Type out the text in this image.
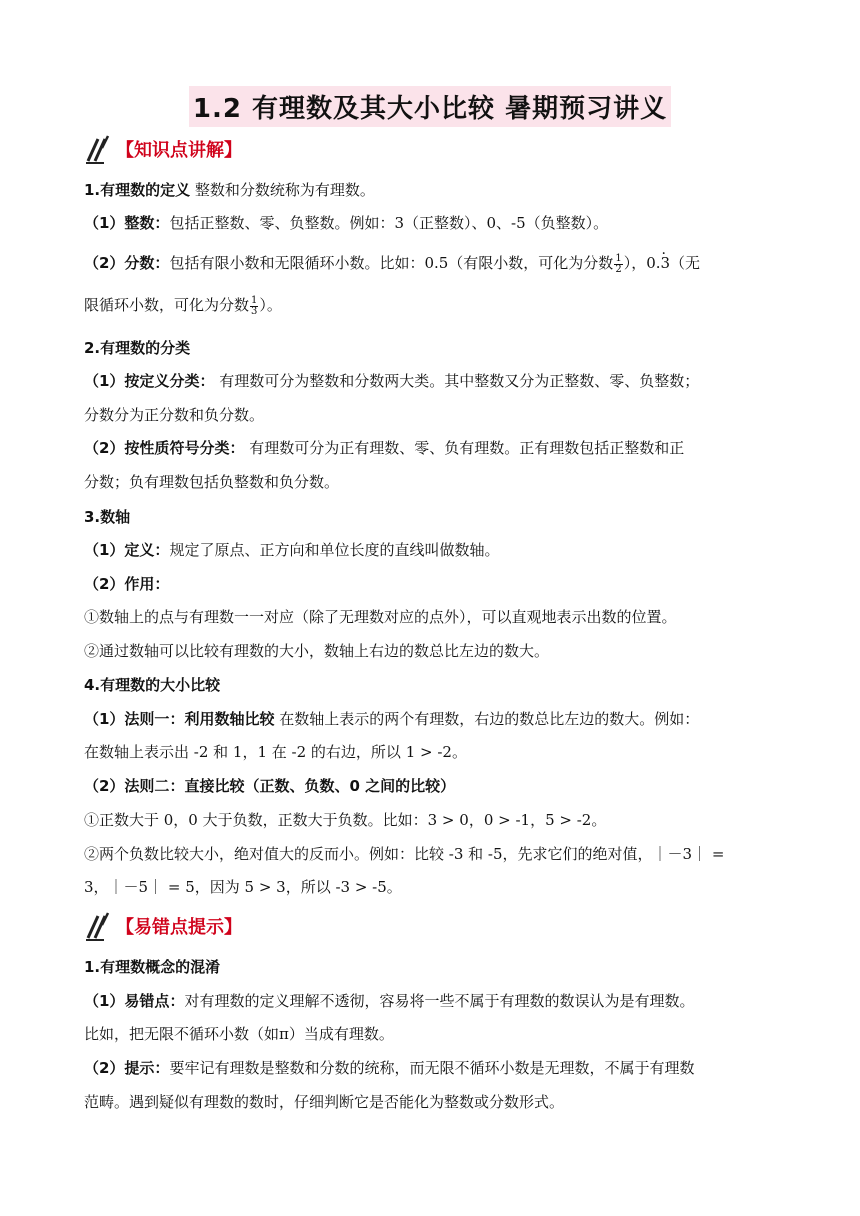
1.2 有理数及其大小比较 暑期预习讲义
【知识点讲解】
1.有理数的定义 整数和分数统称为有理数。
（1）整数：包括正整数、零、负整数。例如：3（正整数）、0、-5（负整数）。
（2）分数：包括有限小数和无限循环小数。比如：0.5（有限小数，可化为分数 $\frac{1}{2}$ ），0.3 ·（无
限循环小数，可化为分数 $\frac{1}{3}$ ）。
2.有理数的分类
（1）按定义分类： 有理数可分为整数和分数两大类。其中整数又分为正整数、零、负整数；
分数分为正分数和负分数。
（2）按性质符号分类： 有理数可分为正有理数、零、负有理数。正有理数包括正整数和正
分数；负有理数包括负整数和负分数。
3.数轴
（1）定义：规定了原点、正方向和单位长度的直线叫做数轴。
（2）作用：
①数轴上的点与有理数一一对应（除了无理数对应的点外），可以直观地表示出数的位置。
②通过数轴可以比较有理数的大小，数轴上右边的数总比左边的数大。
4.有理数的大小比较
（1）法则一：利用数轴比较 在数轴上表示的两个有理数，右边的数总比左边的数大。例如：
在数轴上表示出 -2 和 1，1 在 -2 的右边，所以 1 > -2。
（2）法则二：直接比较（正数、负数、0 之间的比较）
①正数大于 0，0 大于负数，正数大于负数。比如：3 > 0，0 > -1，5 > -2。
②两个负数比较大小，绝对值大的反而小。例如：比较 -3 和 -5，先求它们的绝对值，｜－3｜ =
3，｜－5｜ = 5，因为 5 > 3，所以 -3 > -5。
【易错点提示】
1.有理数概念的混淆
（1）易错点：对有理数的定义理解不透彻，容易将一些不属于有理数的数误认为是有理数。
比如，把无限不循环小数（如π）当成有理数。
（2）提示：要牢记有理数是整数和分数的统称，而无限不循环小数是无理数，不属于有理数
范畴。遇到疑似有理数的数时，仔细判断它是否能化为整数或分数形式。
